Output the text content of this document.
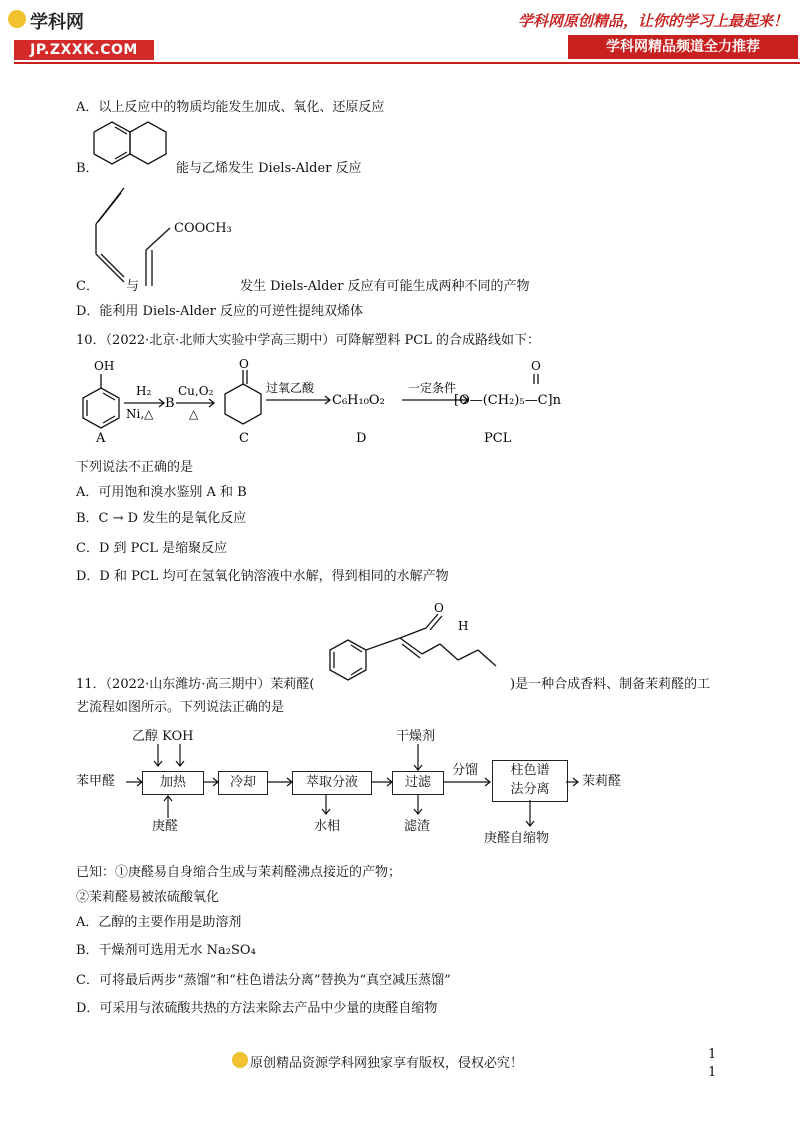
学科网
JP.ZXXK.COM
学科网原创精品，让你的学习上最起来！
学科网精品频道全力推荐
A．以上反应中的物质均能发生加成、氧化、还原反应
B．	能与乙烯发生 Diels-Alder 反应
C． 与
COOCH₃
发生 Diels-Alder 反应有可能生成两种不同的产物
D．能利用 Diels-Alder 反应的可逆性提纯双烯体
10．（2022·北京·北师大实验中学高三期中）可降解塑料 PCL 的合成路线如下：
OH
H₂
Ni,△
B
Cu,O₂
△
O
过氧乙酸
C₆H₁₀O₂
一定条件
[O—(CH₂)₅—C]n
O
A	C	D	PCL
下列说法不正确的是
A．可用饱和溴水鉴别 A 和 B
B．C → D 发生的是氧化反应
C．D 到 PCL 是缩聚反应
D．D 和 PCL 均可在氢氧化钠溶液中水解，得到相同的水解产物
O
H
11．（2022·山东潍坊·高三期中）茉莉醛(	)是一种合成香料、制备茉莉醛的工
艺流程如图所示。下列说法正确的是
苯甲醛
乙醇 KOH
加热
庚醛
冷却	萃取分液
水相
干燥剂
过滤
滤渣
分馏	柱色谱
法分离
庚醛自缩物
茉莉醛
已知：①庚醛易自身缩合生成与茉莉醛沸点接近的产物；
②茉莉醛易被浓硫酸氧化
A．乙醇的主要作用是助溶剂
B．干燥剂可选用无水 Na₂SO₄
C．可将最后两步“蒸馏”和“柱色谱法分离”替换为“真空减压蒸馏”
D．可采用与浓硫酸共热的方法来除去产品中少量的庚醛自缩物
原创精品资源学科网独家享有版权，侵权必究！
1
1
